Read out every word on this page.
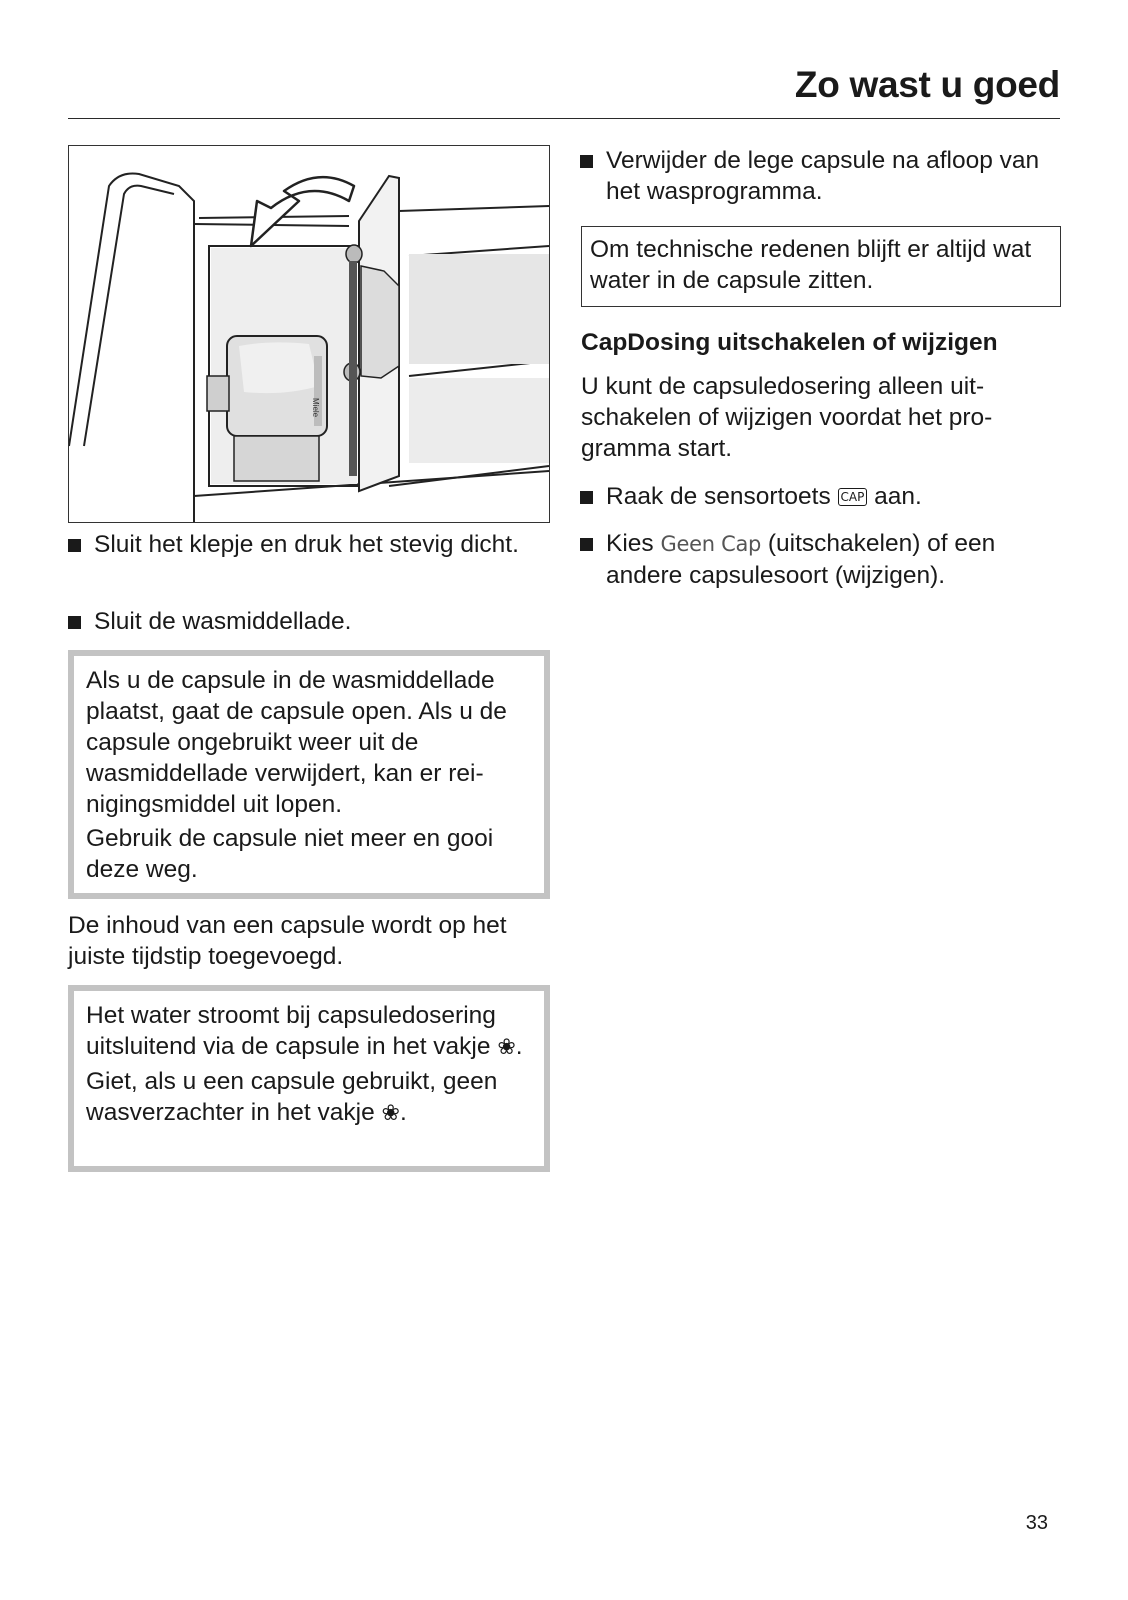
Zo wast u goed
Miele
Sluit het klepje en druk het stevig dicht.
Sluit de wasmiddellade.
Als u de capsule in de wasmiddellade plaatst, gaat de capsule open. Als u de capsule ongebruikt weer uit de wasmiddellade verwijdert, kan er reinigingsmiddel uit lopen.
Gebruik de capsule niet meer en gooi deze weg.
De inhoud van een capsule wordt op het juiste tijdstip toegevoegd.
Het water stroomt bij capsuledosering uitsluitend via de capsule in het vakje ❀.
Giet, als u een capsule gebruikt, geen wasverzachter in het vakje ❀.
Verwijder de lege capsule na afloop van het wasprogramma.
Om technische redenen blijft er altijd wat water in de capsule zitten.
CapDosing uitschakelen of wijzigen
U kunt de capsuledosering alleen uitschakelen of wijzigen voordat het programma start.
Raak de sensortoets CAP aan.
Kies Geen Cap (uitschakelen) of een andere capsulesoort (wijzigen).
33
